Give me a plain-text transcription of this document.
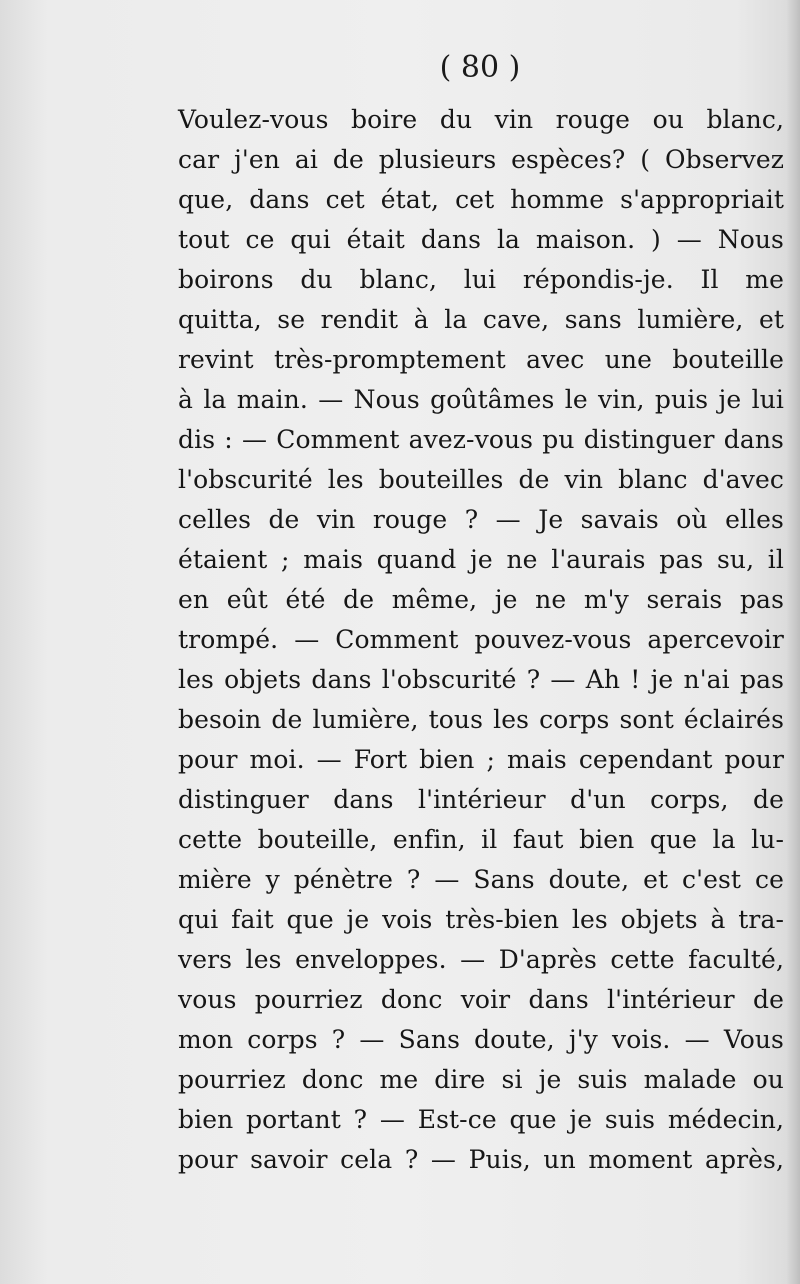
( 80 )

Voulez-vous boire du vin rouge ou blanc,
car j'en ai de plusieurs espèces? ( Observez
que, dans cet état, cet homme s'appropriait
tout ce qui était dans la maison. ) — Nous
boirons du blanc, lui répondis-je. Il me
quitta, se rendit à la cave, sans lumière, et
revint très-promptement avec une bouteille
à la main. — Nous goûtâmes le vin, puis je lui
dis : — Comment avez-vous pu distinguer dans
l'obscurité les bouteilles de vin blanc d'avec
celles de vin rouge ? — Je savais où elles
étaient ; mais quand je ne l'aurais pas su, il
en eût été de même, je ne m'y serais pas
trompé. — Comment pouvez-vous apercevoir
les objets dans l'obscurité ? — Ah ! je n'ai pas
besoin de lumière, tous les corps sont éclairés
pour moi. — Fort bien ; mais cependant pour
distinguer dans l'intérieur d'un corps, de
cette bouteille, enfin, il faut bien que la lu-
mière y pénètre ? — Sans doute, et c'est ce
qui fait que je vois très-bien les objets à tra-
vers les enveloppes. — D'après cette faculté,
vous pourriez donc voir dans l'intérieur de
mon corps ? — Sans doute, j'y vois. — Vous
pourriez donc me dire si je suis malade ou
bien portant ? — Est-ce que je suis médecin,
pour savoir cela ? — Puis, un moment après,
